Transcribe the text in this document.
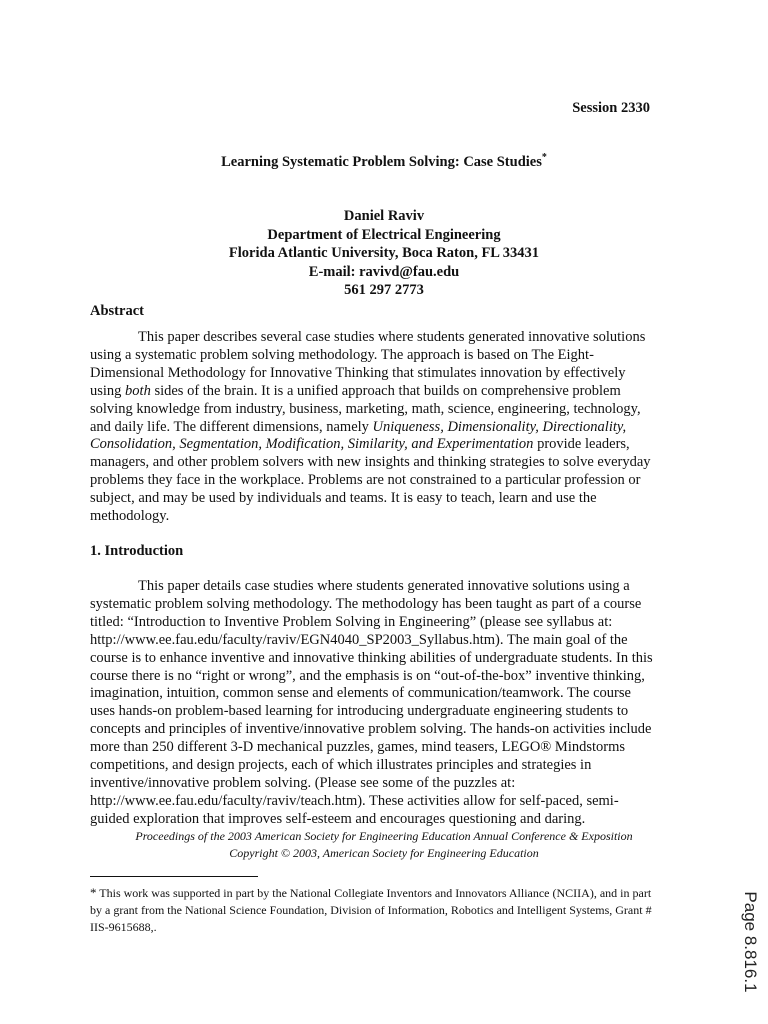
Session 2330
Learning Systematic Problem Solving: Case Studies*
Daniel Raviv
Department of Electrical Engineering
Florida Atlantic University, Boca Raton, FL 33431
E-mail: ravivd@fau.edu
561 297 2773
Abstract

This paper describes several case studies where students generated innovative solutions
using a systematic problem solving methodology. The approach is based on The Eight-
Dimensional Methodology for Innovative Thinking that stimulates innovation by effectively
using both sides of the brain. It is a unified approach that builds on comprehensive problem
solving knowledge from industry, business, marketing, math, science, engineering, technology,
and daily life. The different dimensions, namely Uniqueness, Dimensionality, Directionality,
Consolidation, Segmentation, Modification, Similarity, and Experimentation provide leaders,
managers, and other problem solvers with new insights and thinking strategies to solve everyday
problems they face in the workplace. Problems are not constrained to a particular profession or
subject, and may be used by individuals and teams. It is easy to teach, learn and use the
methodology.

1. Introduction

This paper details case studies where students generated innovative solutions using a
systematic problem solving methodology. The methodology has been taught as part of a course
titled: “Introduction to Inventive Problem Solving in Engineering” (please see syllabus at:
http://www.ee.fau.edu/faculty/raviv/EGN4040_SP2003_Syllabus.htm). The main goal of the
course is to enhance inventive and innovative thinking abilities of undergraduate students. In this
course there is no “right or wrong”, and the emphasis is on “out-of-the-box” inventive thinking,
imagination, intuition, common sense and elements of communication/teamwork. The course
uses hands-on problem-based learning for introducing undergraduate engineering students to
concepts and principles of inventive/innovative problem solving. The hands-on activities include
more than 250 different 3-D mechanical puzzles, games, mind teasers, LEGO® Mindstorms
competitions, and design projects, each of which illustrates principles and strategies in
inventive/innovative problem solving. (Please see some of the puzzles at:
http://www.ee.fau.edu/faculty/raviv/teach.htm). These activities allow for self-paced, semi-
guided exploration that improves self-esteem and encourages questioning and daring.

Proceedings of the 2003 American Society for Engineering Education Annual Conference & Exposition
Copyright © 2003, American Society for Engineering Education
* This work was supported in part by the National Collegiate Inventors and Innovators Alliance (NCIIA), and in part
by a grant from the National Science Foundation, Division of Information, Robotics and Intelligent Systems, Grant #
IIS-9615688,.	Page 8.816.1
